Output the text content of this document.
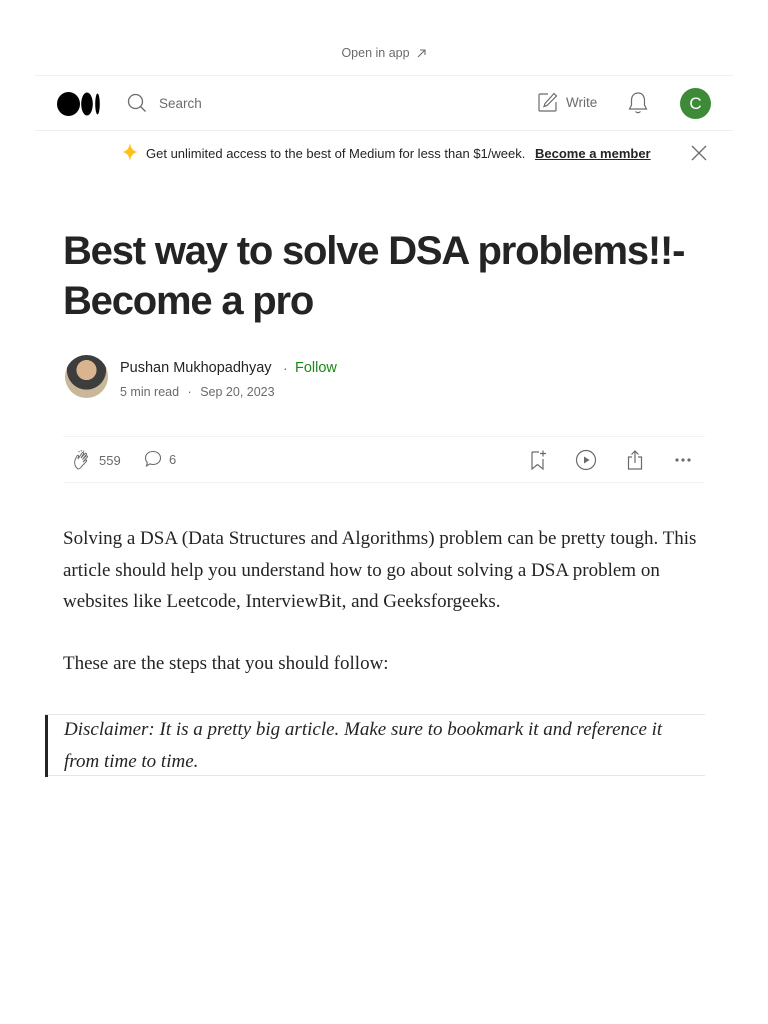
Open in app
Search	Write	C
Get unlimited access to the best of Medium for less than $1/week. Become a member
Best way to solve DSA problems!!- Become a pro
Pushan Mukhopadhyay · Follow
5 min read · Sep 20, 2023
559	6

Solving a DSA (Data Structures and Algorithms) problem can be pretty tough. This article should help you understand how to go about solving a DSA problem on websites like Leetcode, InterviewBit, and Geeksforgeeks.

These are the steps that you should follow:

Disclaimer: It is a pretty big article. Make sure to bookmark it and reference it from time to time.
